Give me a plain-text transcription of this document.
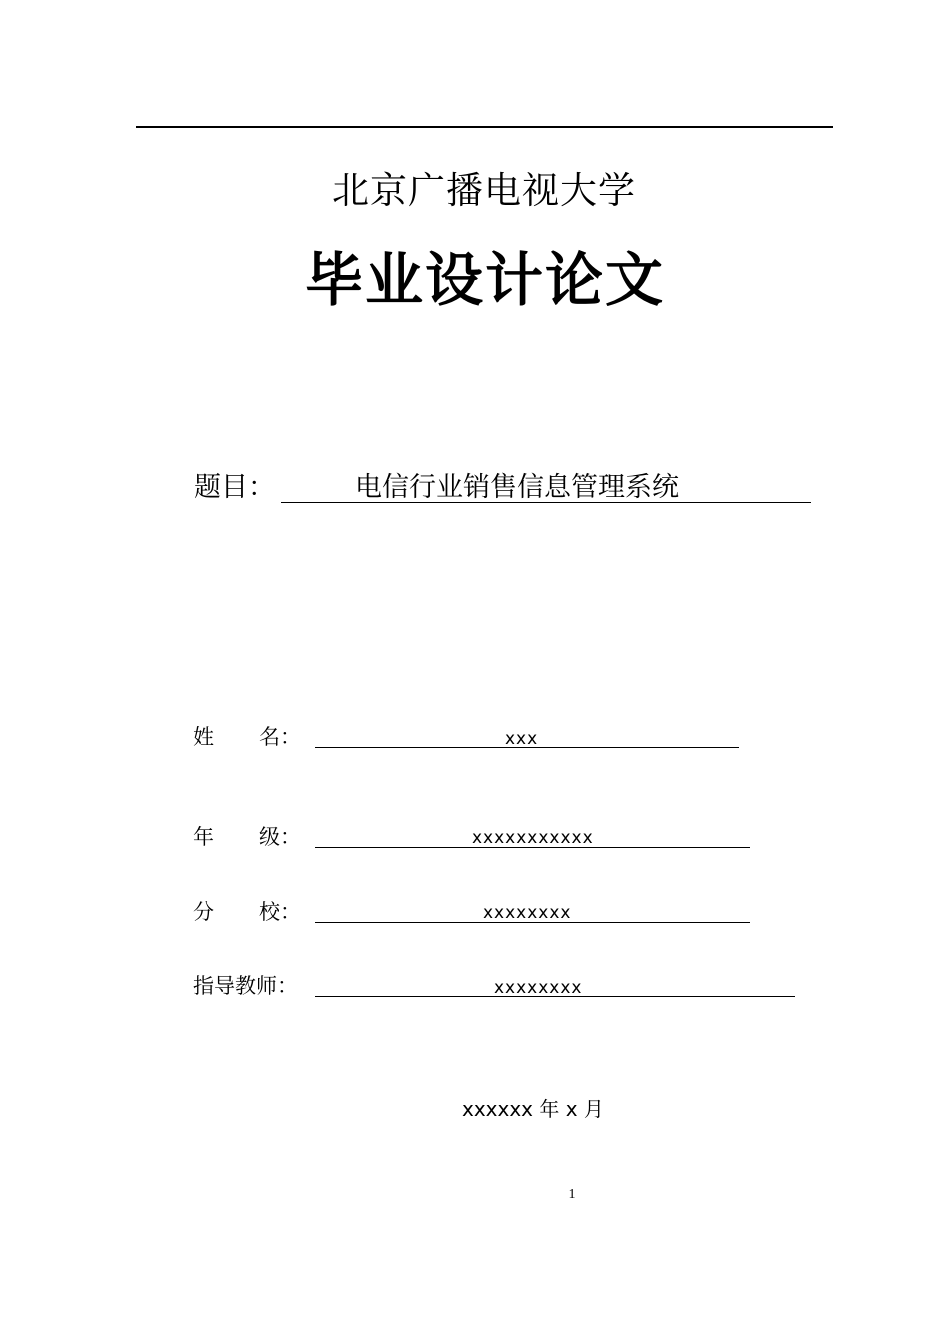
北京广播电视大学
毕业设计论文
题目：	电信行业销售信息管理系统
姓 名：	xxx
年 级：	xxxxxxxxxxx
分 校：	xxxxxxxx
指导教师：	xxxxxxxx
xxxxxx 年 x 月
1
